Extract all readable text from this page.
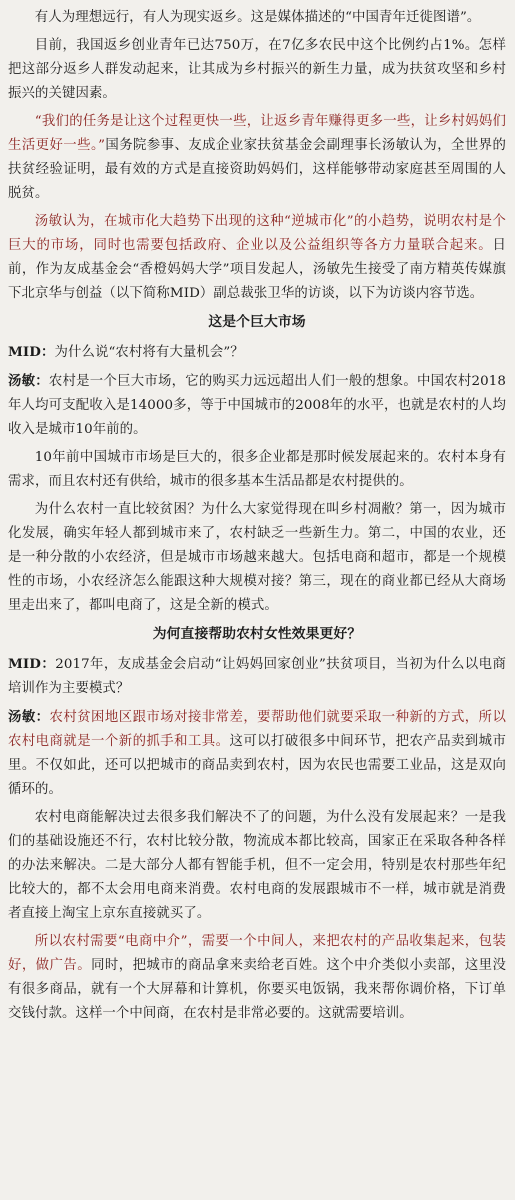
有人为理想远行，有人为现实返乡。这是媒体描述的“中国青年迁徙图谱”。

目前，我国返乡创业青年已达750万，在7亿多农民中这个比例约占1%。怎样把这部分返乡人群发动起来，让其成为乡村振兴的新生力量，成为扶贫攻坚和乡村振兴的关键因素。

“我们的任务是让这个过程更快一些，让返乡青年赚得更多一些，让乡村妈妈们生活更好一些。”国务院参事、友成企业家扶贫基金会副理事长汤敏认为，全世界的扶贫经验证明，最有效的方式是直接资助妈妈们，这样能够带动家庭甚至周围的人脱贫。

汤敏认为，在城市化大趋势下出现的这种“逆城市化”的小趋势，说明农村是个巨大的市场，同时也需要包括政府、企业以及公益组织等各方力量联合起来。日前，作为友成基金会“香橙妈妈大学”项目发起人，汤敏先生接受了南方精英传媒旗下北京华与创益（以下简称MID）副总裁张卫华的访谈，以下为访谈内容节选。

这是个巨大市场

MID：为什么说“农村将有大量机会”？

汤敏：农村是一个巨大市场，它的购买力远远超出人们一般的想象。中国农村2018年人均可支配收入是14000多，等于中国城市的2008年的水平，也就是农村的人均收入是城市10年前的。

10年前中国城市市场是巨大的，很多企业都是那时候发展起来的。农村本身有需求，而且农村还有供给，城市的很多基本生活品都是农村提供的。

为什么农村一直比较贫困？为什么大家觉得现在叫乡村凋敝？第一，因为城市化发展，确实年轻人都到城市来了，农村缺乏一些新生力。第二，中国的农业，还是一种分散的小农经济，但是城市市场越来越大。包括电商和超市，都是一个规模性的市场，小农经济怎么能跟这种大规模对接？第三，现在的商业都已经从大商场里走出来了，都叫电商了，这是全新的模式。

为何直接帮助农村女性效果更好？

MID：2017年，友成基金会启动“让妈妈回家创业”扶贫项目，当初为什么以电商培训作为主要模式？

汤敏：农村贫困地区跟市场对接非常差，要帮助他们就要采取一种新的方式，所以农村电商就是一个新的抓手和工具。这可以打破很多中间环节，把农产品卖到城市里。不仅如此，还可以把城市的商品卖到农村，因为农民也需要工业品，这是双向循环的。

农村电商能解决过去很多我们解决不了的问题，为什么没有发展起来？一是我们的基础设施还不行，农村比较分散，物流成本都比较高，国家正在采取各种各样的办法来解决。二是大部分人都有智能手机，但不一定会用，特别是农村那些年纪比较大的，都不太会用电商来消费。农村电商的发展跟城市不一样，城市就是消费者直接上淘宝上京东直接就买了。

所以农村需要“电商中介”，需要一个中间人，来把农村的产品收集起来，包装好，做广告。同时，把城市的商品拿来卖给老百姓。这个中介类似小卖部，这里没有很多商品，就有一个大屏幕和计算机，你要买电饭锅，我来帮你调价格，下订单交钱付款。这样一个中间商，在农村是非常必要的。这就需要培训。
